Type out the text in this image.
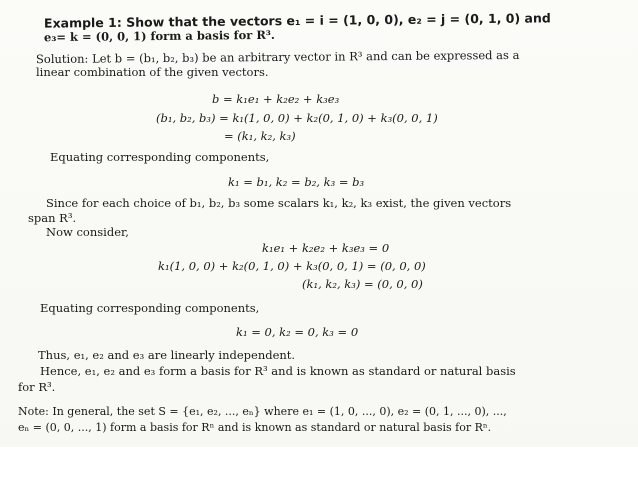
Example 1: Show that the vectors e₁ = i = (1, 0, 0), e₂ = j = (0, 1, 0) and
e₃= k = (0, 0, 1) form a basis for R³.
Solution: Let b = (b₁, b₂, b₃) be an arbitrary vector in R³ and can be expressed as a
linear combination of the given vectors.
b = k₁e₁ + k₂e₂ + k₃e₃
(b₁, b₂, b₃) = k₁(1, 0, 0) + k₂(0, 1, 0) + k₃(0, 0, 1)
= (k₁, k₂, k₃)
Equating corresponding components,
k₁ = b₁, k₂ = b₂, k₃ = b₃
Since for each choice of b₁, b₂, b₃ some scalars k₁, k₂, k₃ exist, the given vectors
span R³.
Now consider,
k₁e₁ + k₂e₂ + k₃e₃ = 0
k₁(1, 0, 0) + k₂(0, 1, 0) + k₃(0, 0, 1) = (0, 0, 0)
(k₁, k₂, k₃) = (0, 0, 0)
Equating corresponding components,
k₁ = 0, k₂ = 0, k₃ = 0
Thus, e₁, e₂ and e₃ are linearly independent.
Hence, e₁, e₂ and e₃ form a basis for R³ and is known as standard or natural basis
for R³.
Note: In general, the set S = {e₁, e₂, ..., eₙ} where e₁ = (1, 0, ..., 0), e₂ = (0, 1, ..., 0), ...,
eₙ = (0, 0, ..., 1) form a basis for Rⁿ and is known as standard or natural basis for Rⁿ.
